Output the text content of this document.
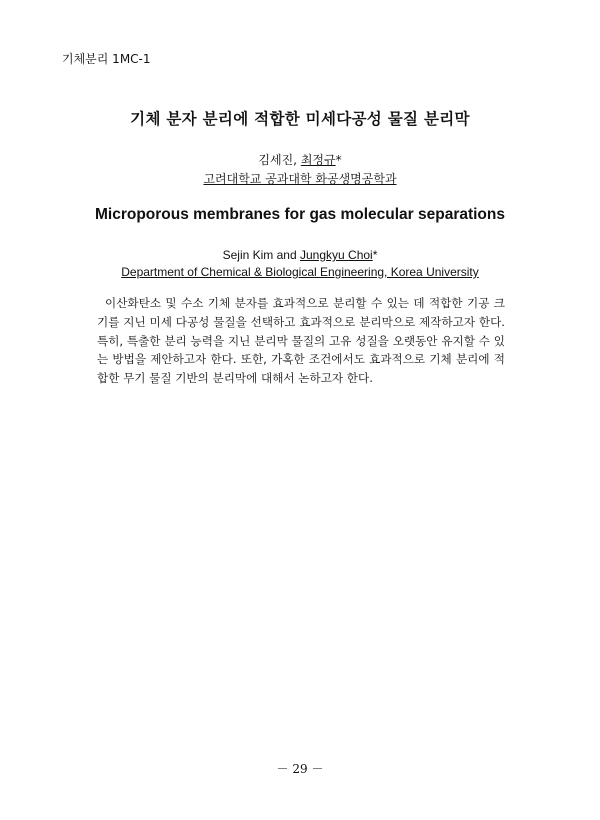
기체분리 1MC-1
기체 분자 분리에 적합한 미세다공성 물질 분리막
김세진, 최정규*
고려대학교 공과대학 화공생명공학과
Microporous membranes for gas molecular separations
Sejin Kim and Jungkyu Choi*
Department of Chemical & Biological Engineering, Korea University
이산화탄소 및 수소 기체 분자를 효과적으로 분리할 수 있는 데 적합한 기공 크기를 지닌 미세 다공성 물질을 선택하고 효과적으로 분리막으로 제작하고자 한다. 특히, 특출한 분리 능력을 지닌 분리막 물질의 고유 성질을 오랫동안 유지할 수 있는 방법을 제안하고자 한다. 또한, 가혹한 조건에서도 효과적으로 기체 분리에 적합한 무기 물질 기반의 분리막에 대해서 논하고자 한다.
－ 29 －
